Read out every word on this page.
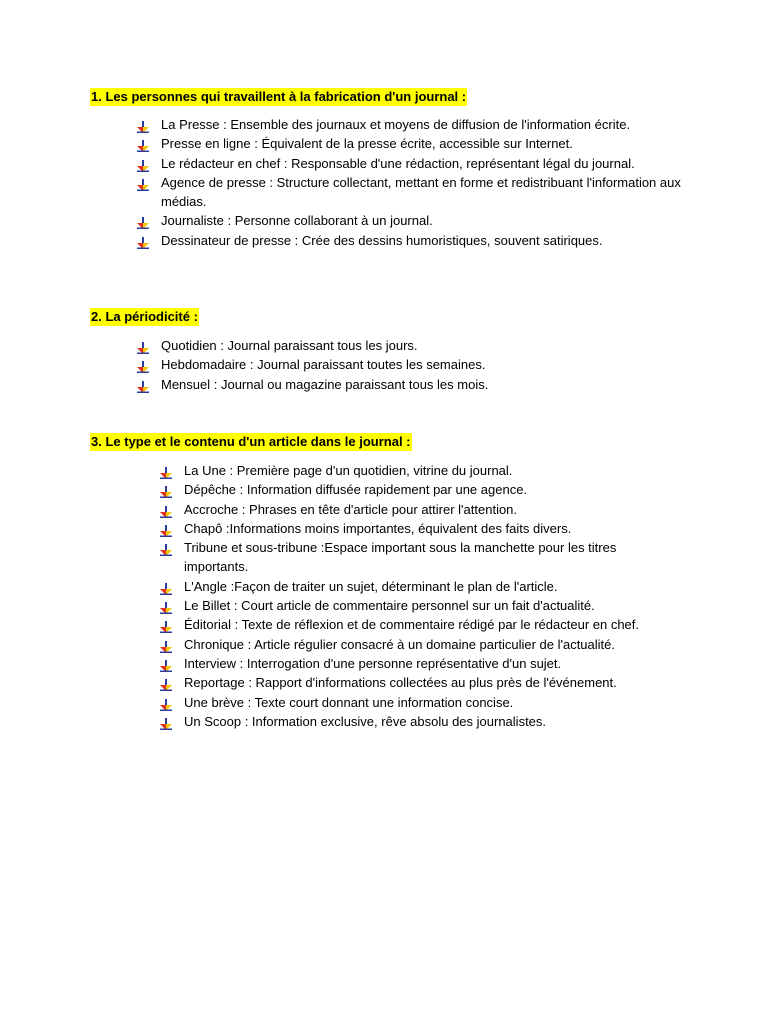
1. Les personnes qui travaillent à la fabrication d'un journal :
La Presse : Ensemble des journaux et moyens de diffusion de l'information écrite.
Presse en ligne : Équivalent de la presse écrite, accessible sur Internet.
Le rédacteur en chef : Responsable d'une rédaction, représentant légal du journal.
Agence de presse : Structure collectant, mettant en forme et redistribuant l'information aux médias.
Journaliste : Personne collaborant à un journal.
Dessinateur de presse : Crée des dessins humoristiques, souvent satiriques.
2. La périodicité :
Quotidien : Journal paraissant tous les jours.
Hebdomadaire : Journal paraissant toutes les semaines.
Mensuel : Journal ou magazine paraissant tous les mois.
3. Le type et le contenu d'un article dans le journal :
La Une : Première page d'un quotidien, vitrine du journal.
Dépêche : Information diffusée rapidement par une agence.
Accroche : Phrases en tête d'article pour attirer l'attention.
Chapô :Informations moins importantes, équivalent des faits divers.
Tribune et sous-tribune :Espace important sous la manchette pour les titres importants.
L'Angle :Façon de traiter un sujet, déterminant le plan de l'article.
Le Billet : Court article de commentaire personnel sur un fait d'actualité.
Éditorial : Texte de réflexion et de commentaire rédigé par le rédacteur en chef.
Chronique : Article régulier consacré à un domaine particulier de l'actualité.
Interview : Interrogation d'une personne représentative d'un sujet.
Reportage : Rapport d'informations collectées au plus près de l'événement.
Une brève : Texte court donnant une information concise.
Un Scoop : Information exclusive, rêve absolu des journalistes.
